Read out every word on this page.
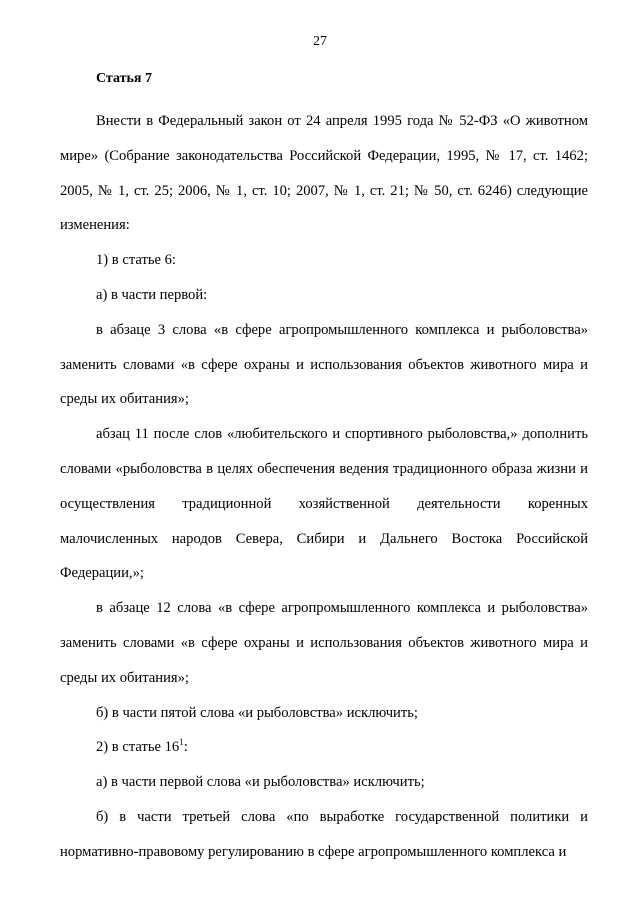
27
Статья 7

Внести в Федеральный закон от 24 апреля 1995 года № 52-ФЗ «О животном мире» (Собрание законодательства Российской Федерации, 1995, № 17, ст. 1462; 2005, № 1, ст. 25; 2006, № 1, ст. 10; 2007, № 1, ст. 21; № 50, ст. 6246) следующие изменения:

1) в статье 6:

а) в части первой:

в абзаце 3 слова «в сфере агропромышленного комплекса и рыболовства» заменить словами «в сфере охраны и использования объектов животного мира и среды их обитания»;

абзац 11 после слов «любительского и спортивного рыболовства,» дополнить словами «рыболовства в целях обеспечения ведения традиционного образа жизни и осуществления традиционной хозяйственной деятельности коренных малочисленных народов Севера, Сибири и Дальнего Востока Российской Федерации,»;

в абзаце 12 слова «в сфере агропромышленного комплекса и рыболовства» заменить словами «в сфере охраны и использования объектов животного мира и среды их обитания»;

б) в части пятой слова «и рыболовства» исключить;

2) в статье $16^1$:

а) в части первой слова «и рыболовства» исключить;

б) в части третьей слова «по выработке государственной политики и нормативно-правовому регулированию в сфере агропромышленного комплекса и
